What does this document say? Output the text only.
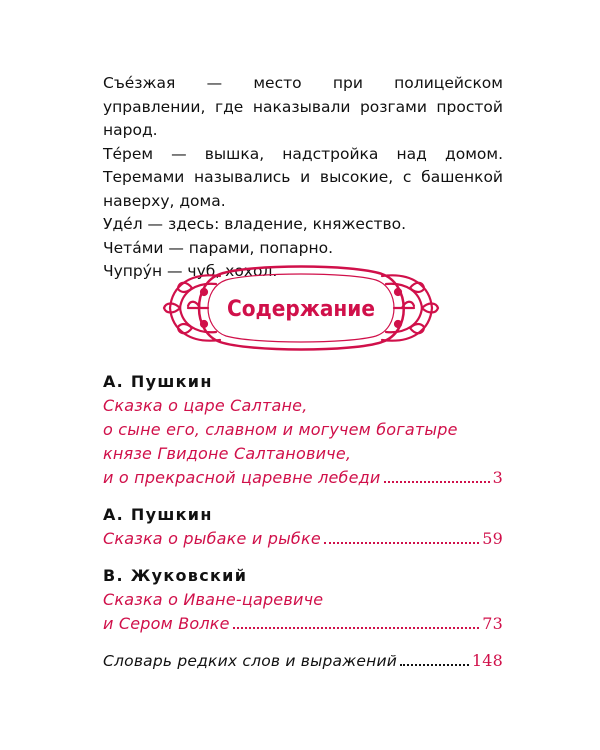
Съе́зжая — место при полицейском управлении, где наказывали розгами простой народ.

Те́рем — вышка, надстройка над домом. Теремами назывались и высокие, с башенкой наверху, дома.

Уде́л — здесь: владение, княжество.

Чета́ми — парами, попарно.

Чупру́н — чуб, хохол.

Содержание

А. Пушкин

Сказка о царе Салтане,

о сыне его, славном и могучем богатыре

князе Гвидоне Салтановиче,

и о прекрасной царевне лебеди	3

А. Пушкин

Сказка о рыбаке и рыбке	59

В. Жуковский

Сказка о Иване-царевиче

и Сером Волке	73
Словарь редких слов и выражений	148
